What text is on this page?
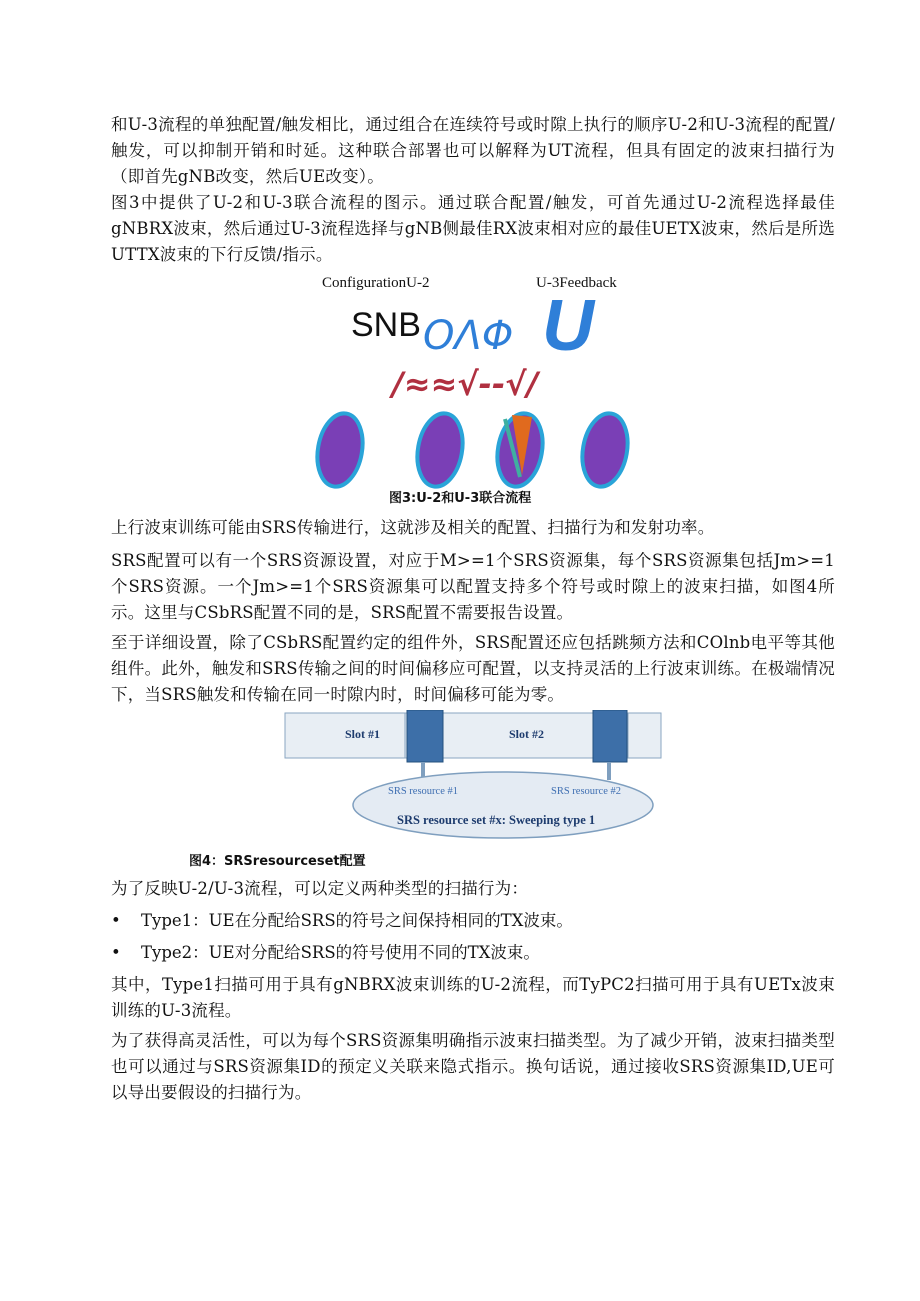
和U-3流程的单独配置/触发相比，通过组合在连续符号或时隙上执行的顺序U-2和U-3流程的配置/触发，可以抑制开销和时延。这种联合部署也可以解释为UT流程，但具有固定的波束扫描行为（即首先gNB改变，然后UE改变）。

图3中提供了U-2和U-3联合流程的图示。通过联合配置/触发，可首先通过U-2流程选择最佳gNBRX波束，然后通过U-3流程选择与gNB侧最佳RX波束相对应的最佳UETX波束，然后是所选UTTX波束的下行反馈/指示。

ConfigurationU-2	U-3Feedback
SNB OΛΦ U
/≈≈√--√/

图3:U-2和U-3联合流程

上行波束训练可能由SRS传输进行，这就涉及相关的配置、扫描行为和发射功率。

SRS配置可以有一个SRS资源设置，对应于M>=1个SRS资源集，每个SRS资源集包括Jm>=1个SRS资源。一个Jm>=1个SRS资源集可以配置支持多个符号或时隙上的波束扫描，如图4所示。这里与CSbRS配置不同的是，SRS配置不需要报告设置。

至于详细设置，除了CSbRS配置约定的组件外，SRS配置还应包括跳频方法和COlnb电平等其他组件。此外，触发和SRS传输之间的时间偏移应可配置，以支持灵活的上行波束训练。在极端情况下，当SRS触发和传输在同一时隙内时，时间偏移可能为零。

Slot #1	Slot #2
SRS resource #1	SRS resource #2
SRS resource set #x: Sweeping type 1

图4：SRSresourceset配置

为了反映U-2/U-3流程，可以定义两种类型的扫描行为：

• Type1：UE在分配给SRS的符号之间保持相同的TX波束。

• Type2：UE对分配给SRS的符号使用不同的TX波束。

其中，Type1扫描可用于具有gNBRX波束训练的U-2流程，而TyPC2扫描可用于具有UETx波束训练的U-3流程。

为了获得高灵活性，可以为每个SRS资源集明确指示波束扫描类型。为了减少开销，波束扫描类型也可以通过与SRS资源集ID的预定义关联来隐式指示。换句话说，通过接收SRS资源集ID,UE可以导出要假设的扫描行为。
